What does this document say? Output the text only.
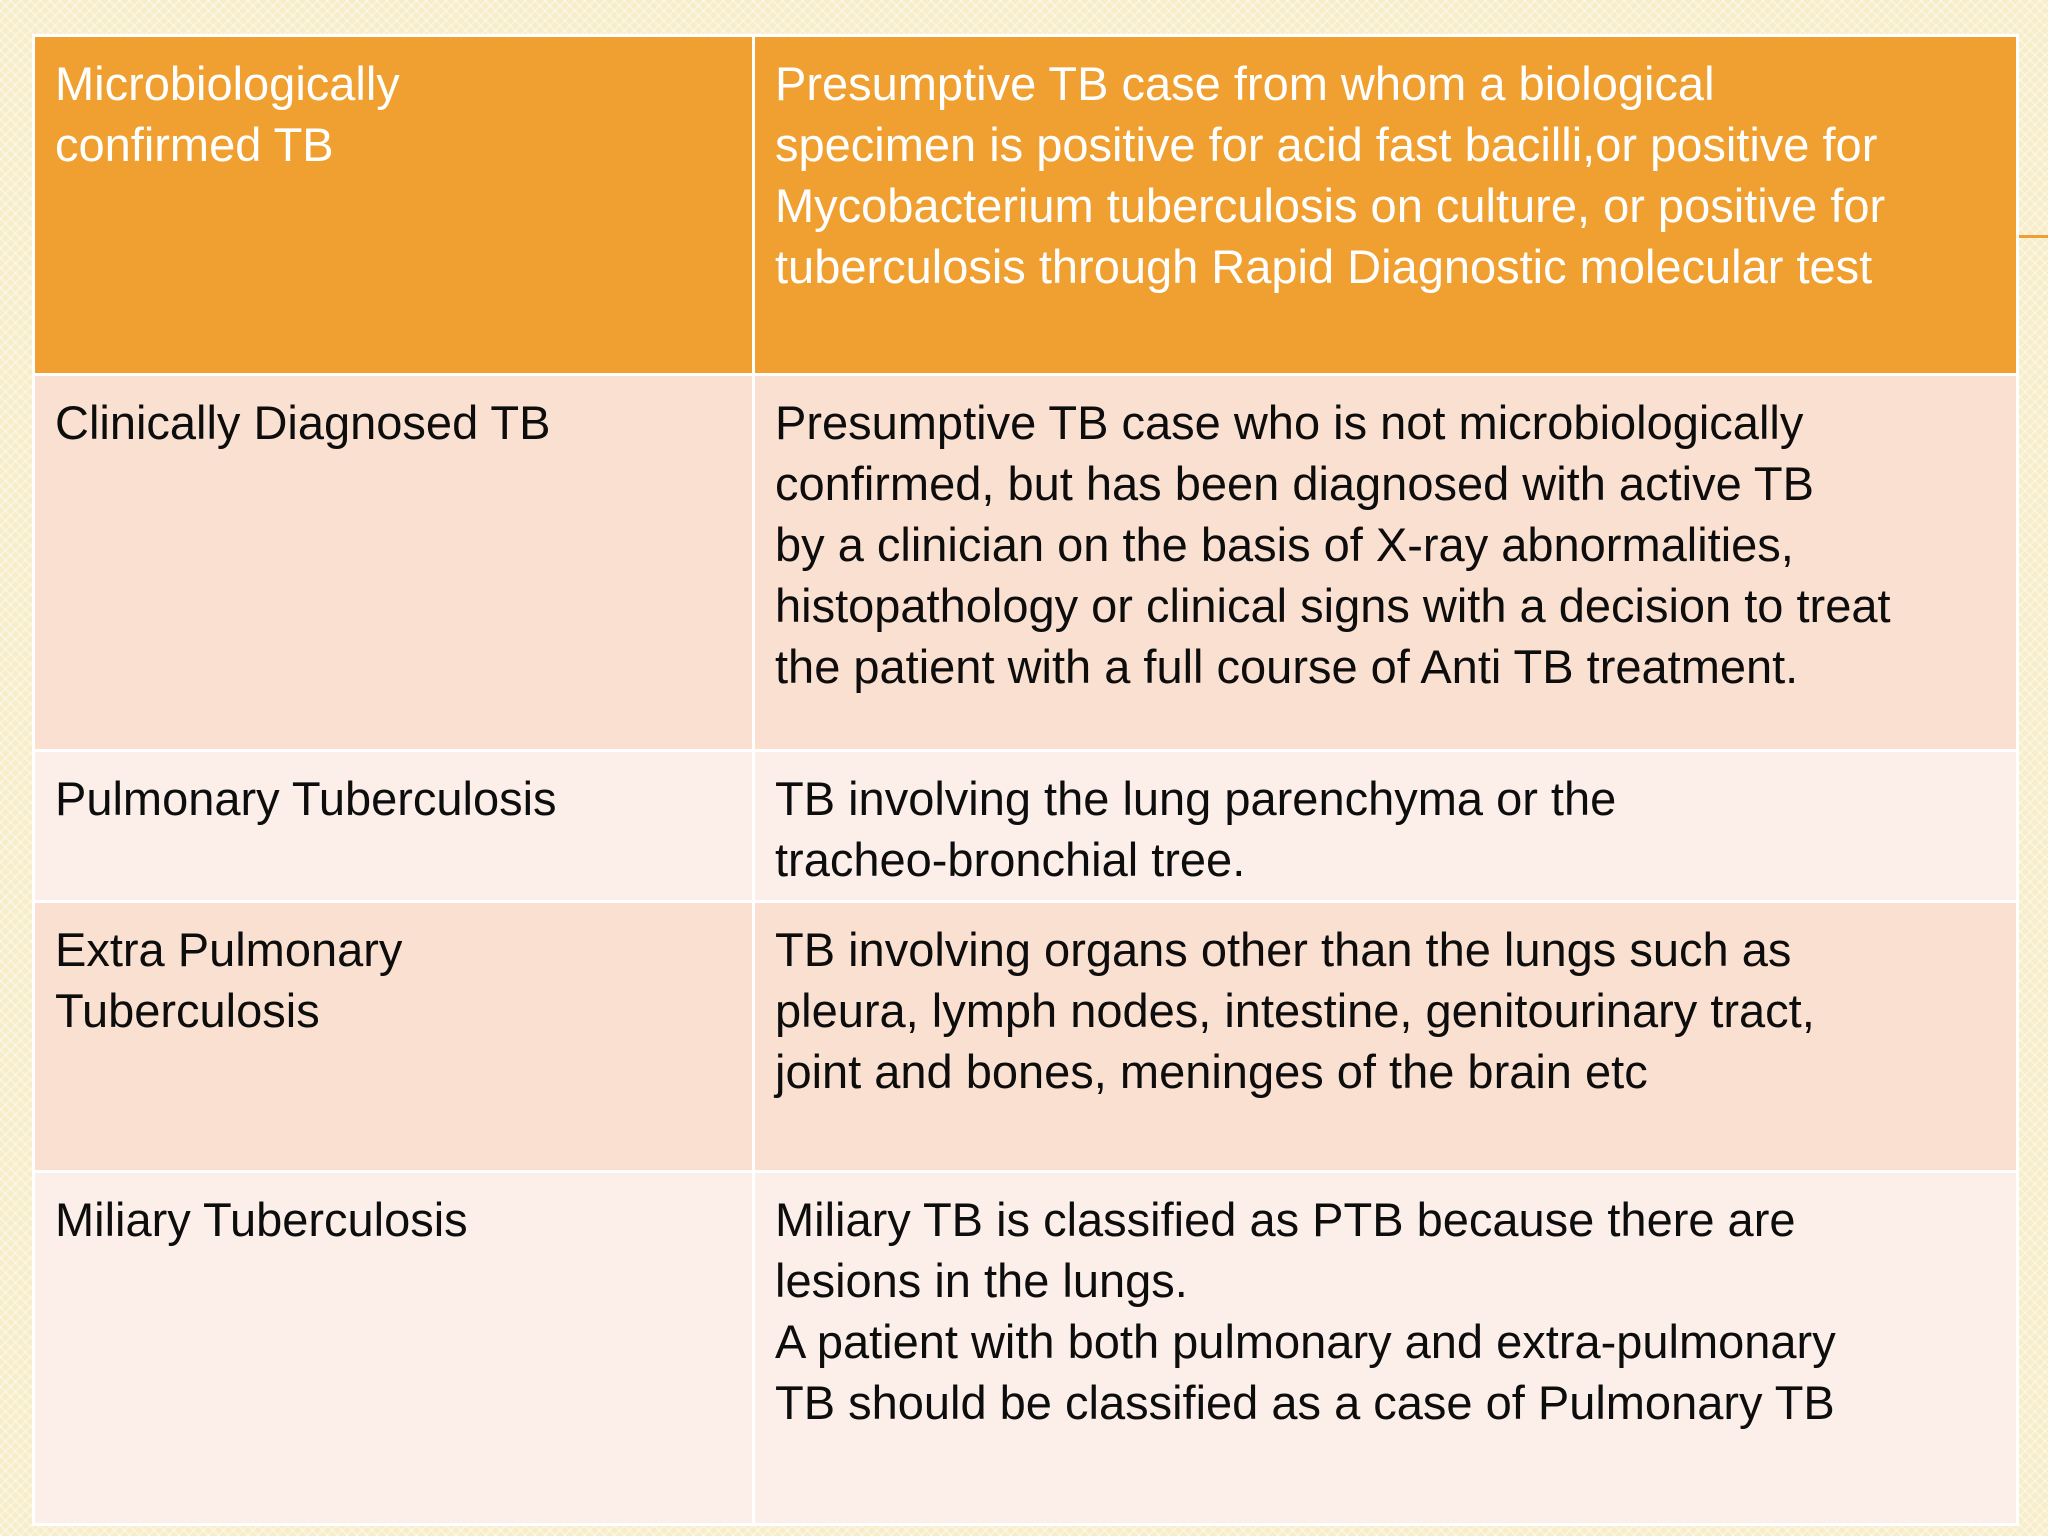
Microbiologically
confirmed TB	Presumptive TB case from whom a biological
specimen is positive for acid fast bacilli,or positive for
Mycobacterium tuberculosis on culture, or positive for
tuberculosis through Rapid Diagnostic molecular test

Clinically Diagnosed TB	Presumptive TB case who is not microbiologically
confirmed, but has been diagnosed with active TB
by a clinician on the basis of X-ray abnormalities,
histopathology or clinical signs with a decision to treat
the patient with a full course of Anti TB treatment.

Pulmonary Tuberculosis	TB involving the lung parenchyma or the
tracheo-bronchial tree.

Extra Pulmonary
Tuberculosis	TB involving organs other than the lungs such as
pleura, lymph nodes, intestine, genitourinary tract,
joint and bones, meninges of the brain etc

Miliary Tuberculosis	Miliary TB is classified as PTB because there are
lesions in the lungs.
A patient with both pulmonary and extra-pulmonary
TB should be classified as a case of Pulmonary TB
